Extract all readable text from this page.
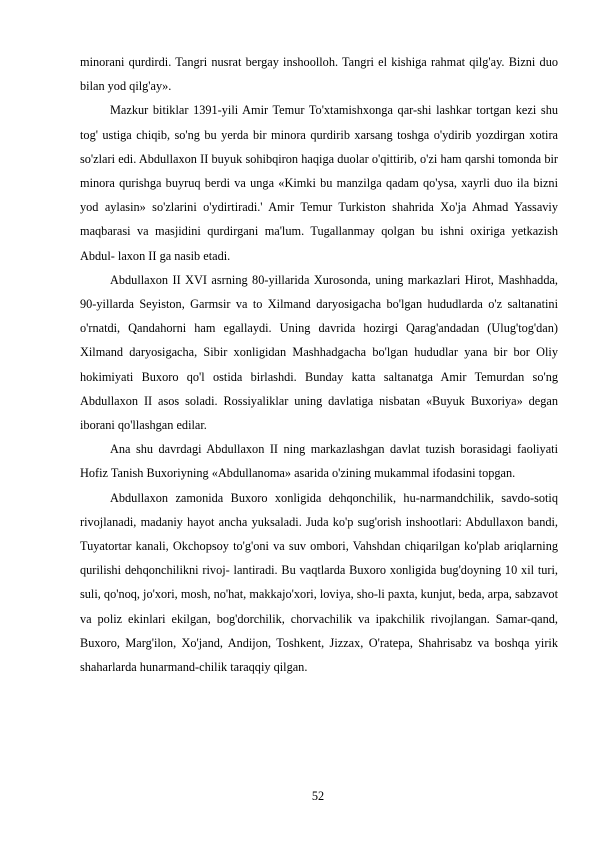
minorani qurdirdi. Tangri nusrat bergay inshoolloh. Tangri el kishiga rahmat qilg'ay. Bizni duo bilan yod qilg'ay».

Mazkur bitiklar 1391-yili Amir Temur To'xtamishxonga qar-shi lashkar tortgan kezi shu tog' ustiga chiqib, so'ng bu yerda bir minora qurdirib xarsang toshga o'ydirib yozdirgan xotira so'zlari edi. Abdullaxon II buyuk sohibqiron haqiga duolar o'qittirib, o'zi ham qarshi tomonda bir minora qurishga buyruq berdi va unga «Kimki bu manzilga qadam qo'ysa, xayrli duo ila bizni yod aylasin» so'zlarini o'ydirtiradi.' Amir Temur Turkiston shahrida Xo'ja Ahmad Yassaviy maqbarasi va masjidini qurdirgani ma'lum. Tugallanmay qolgan bu ishni oxiriga yetkazish Abdul- laxon II ga nasib etadi.

Abdullaxon II XVI asrning 80-yillarida Xurosonda, uning markazlari Hirot, Mashhadda, 90-yillarda Seyiston, Garmsir va to Xilmand daryosigacha bo'lgan hududlarda o'z saltanatini o'rnatdi, Qandahorni ham egallaydi. Uning davrida hozirgi Qarag'andadan (Ulug'tog'dan) Xilmand daryosigacha, Sibir xonligidan Mashhadgacha bo'lgan hududlar yana bir bor Oliy hokimiyati Buxoro qo'l ostida birlashdi. Bunday katta saltanatga Amir Temurdan so'ng Abdullaxon II asos soladi. Rossiyaliklar uning davlatiga nisbatan «Buyuk Buxoriya» degan iborani qo'llashgan edilar.

Ana shu davrdagi Abdullaxon II ning markazlashgan davlat tuzish borasidagi faoliyati Hofiz Tanish Buxoriyning «Abdullanoma» asarida o'zining mukammal ifodasini topgan.

Abdullaxon zamonida Buxoro xonligida dehqonchilik, hu-narmandchilik, savdo-sotiq rivojlanadi, madaniy hayot ancha yuksaladi. Juda ko'p sug'orish inshootlari: Abdullaxon bandi, Tuyatortar kanali, Okchopsoy to'g'oni va suv ombori, Vahshdan chiqarilgan ko'plab ariqlarning qurilishi dehqonchilikni rivoj- lantiradi. Bu vaqtlarda Buxoro xonligida bug'doyning 10 xil turi, suli, qo'noq, jo'xori, mosh, no'hat, makkajo'xori, loviya, sho-li paxta, kunjut, beda, arpa, sabzavot va poliz ekinlari ekilgan, bog'dorchilik, chorvachilik va ipakchilik rivojlangan. Samar-qand, Buxoro, Marg'ilon, Xo'jand, Andijon, Toshkent, Jizzax, O'ratepa, Shahrisabz va boshqa yirik shaharlarda hunarmand-chilik taraqqiy qilgan.

52
